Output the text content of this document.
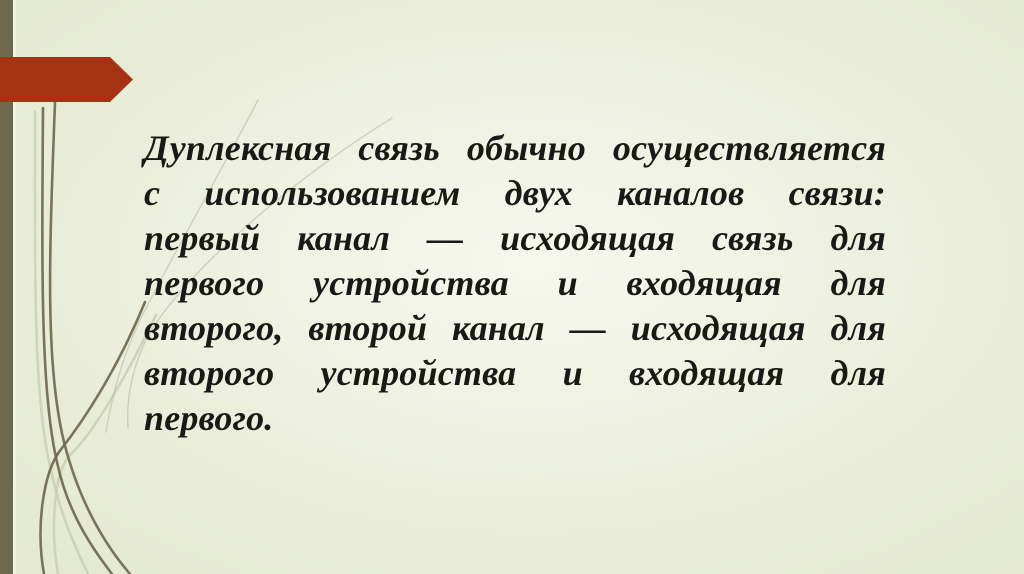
Дуплексная связь обычно осуществляется
с использованием двух каналов связи:
первый канал — исходящая связь для
первого устройства и входящая для
второго, второй канал — исходящая для
второго устройства и входящая для
первого.
